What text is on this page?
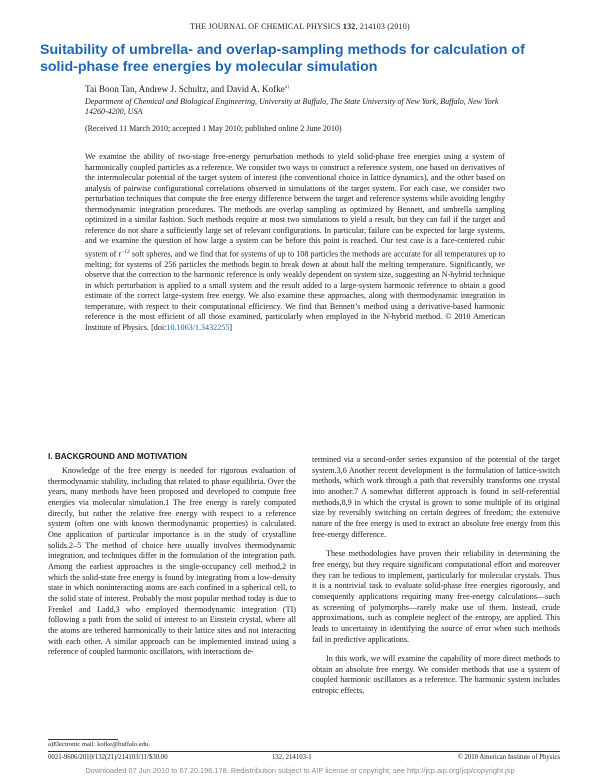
THE JOURNAL OF CHEMICAL PHYSICS 132, 214103 (2010)
Suitability of umbrella- and overlap-sampling methods for calculation of solid-phase free energies by molecular simulation
Tai Boon Tan, Andrew J. Schultz, and David A. Kofke$^{a)}$
Department of Chemical and Biological Engineering, University at Buffalo, The State University of New York, Buffalo, New York 14260-4200, USA
(Received 11 March 2010; accepted 1 May 2010; published online 2 June 2010)

We examine the ability of two-stage free-energy perturbation methods to yield solid-phase free energies using a system of harmonically coupled particles as a reference. We consider two ways to construct a reference system, one based on derivatives of the intermolecular potential of the target system of interest (the conventional choice in lattice dynamics), and the other based on analysis of pairwise configurational correlations observed in simulations of the target system. For each case, we consider two perturbation techniques that compute the free energy difference between the target and reference systems while avoiding lengthy thermodynamic integration procedures. The methods are overlap sampling as optimized by Bennett, and umbrella sampling optimized in a similar fashion. Such methods require at most two simulations to yield a result, but they can fail if the target and reference do not share a sufficiently large set of relevant configurations. In particular, failure can be expected for large systems, and we examine the question of how large a system can be before this point is reached. Our test case is a face-centered cubic system of $r^{-12}$ soft spheres, and we find that for systems of up to 108 particles the methods are accurate for all temperatures up to melting; for systems of 256 particles the methods begin to break down at about half the melting temperature. Significantly, we observe that the correction to the harmonic reference is only weakly dependent on system size, suggesting an N-hybrid technique in which perturbation is applied to a small system and the result added to a large-system harmonic reference to obtain a good estimate of the correct large-system free energy. We also examine these approaches, along with thermodynamic integration in temperature, with respect to their computational efficiency. We find that Bennett’s method using a derivative-based harmonic reference is the most efficient of all those examined, particularly when employed in the N-hybrid method. © 2010 American Institute of Physics. [doi:10.1063/1.3432255]

I. BACKGROUND AND MOTIVATION

Knowledge of the free energy is needed for rigorous evaluation of thermodynamic stability, including that related to phase equilibria. Over the years, many methods have been proposed and developed to compute free energies via molecular simulation.1 The free energy is rarely computed directly, but rather the relative free energy with respect to a reference system (often one with known thermodynamic properties) is calculated. One application of particular importance is in the study of crystalline solids.2–5 The method of choice here usually involves thermodynamic integration, and techniques differ in the formulation of the integration path. Among the earliest approaches is the single-occupancy cell method,2 in which the solid-state free energy is found by integrating from a low-density state in which noninteracting atoms are each confined in a spherical cell, to the solid state of interest. Probably the most popular method today is due to Frenkel and Ladd,3 who employed thermodynamic integration (TI) following a path from the solid of interest to an Einstein crystal, where all the atoms are tethered harmonically to their lattice sites and not interacting with each other. A similar approach can be implemented instead using a reference of coupled harmonic oscillators, with interactions de-

termined via a second-order series expansion of the potential of the target system.3,6 Another recent development is the formulation of lattice-switch methods, which work through a path that reversibly transforms one crystal into another.7 A somewhat different approach is found in self-referential methods,8,9 in which the crystal is grown to some multiple of its original size by reversibly switching on certain degrees of freedom; the extensive nature of the free energy is used to extract an absolute free energy from this free-energy difference.

These methodologies have proven their reliability in determining the free energy, but they require significant computational effort and moreover they can be tedious to implement, particularly for molecular crystals. Thus it is a nontrivial task to evaluate solid-phase free energies rigorously, and consequently applications requiring many free-energy calculations—such as screening of polymorphs—rarely make use of them. Instead, crude approximations, such as complete neglect of the entropy, are applied. This leads to uncertainty in identifying the source of error when such methods fail in predictive applications.

In this work, we will examine the capability of more direct methods to obtain an absolute free energy. We consider methods that use a system of coupled harmonic oscillators as a reference. The harmonic system includes entropic effects,

a)Electronic mail: kofke@buffalo.edu.
0021-9606/2010/132(21)/214103/11/$30.00	132, 214103-1	© 2010 American Institute of Physics
Downloaded 07 Jun 2010 to 67.20.196.178. Redistribution subject to AIP license or copyright; see http://jcp.aip.org/jcp/copyright.jsp
